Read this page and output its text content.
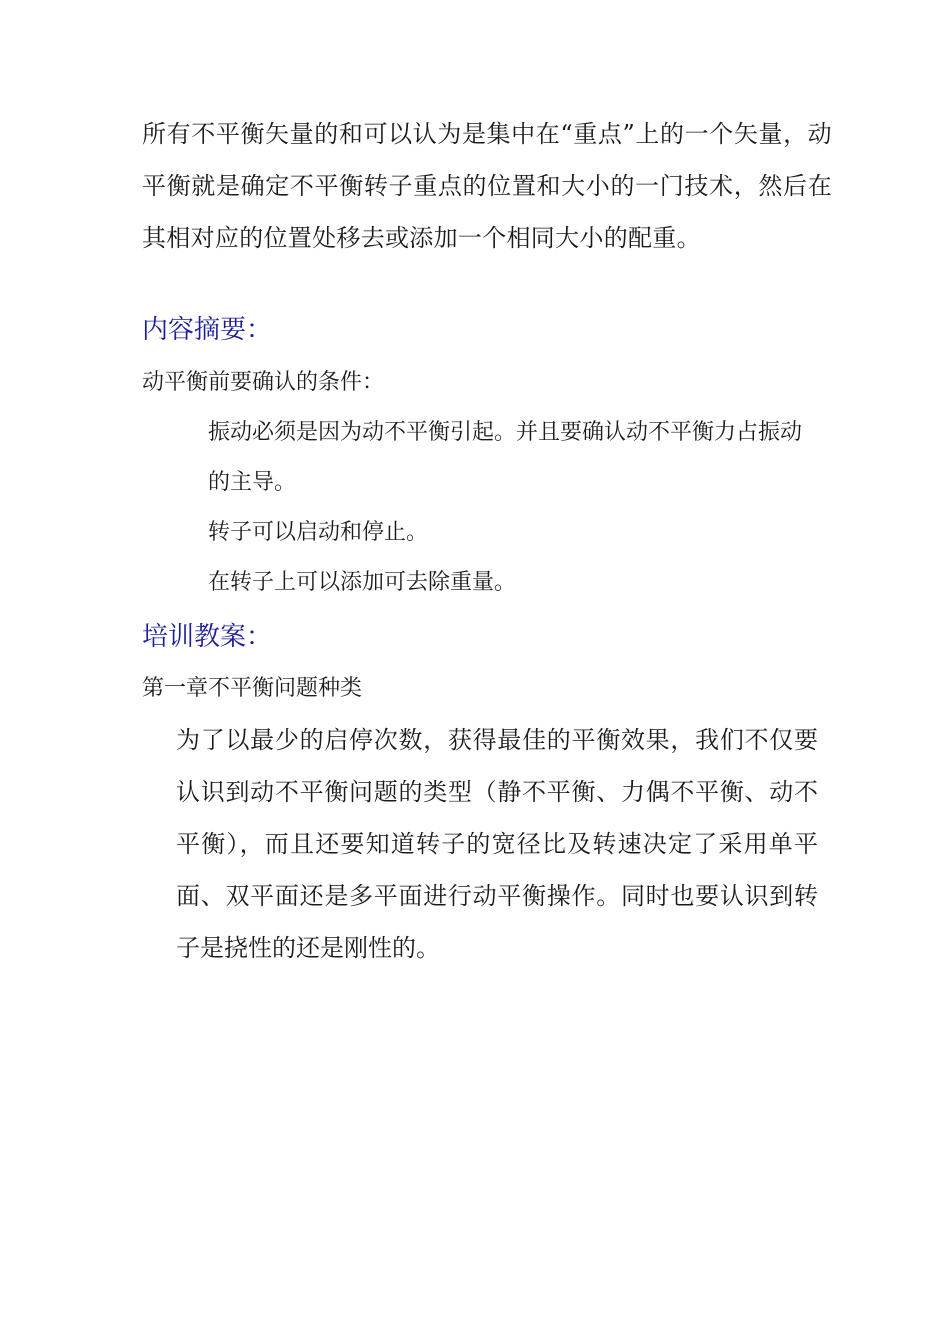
所有不平衡矢量的和可以认为是集中在“重点”上的一个矢量，动平衡就是确定不平衡转子重点的位置和大小的一门技术，然后在其相对应的位置处移去或添加一个相同大小的配重。

内容摘要：

动平衡前要确认的条件：

振动必须是因为动不平衡引起。并且要确认动不平衡力占振动的主导。
转子可以启动和停止。
在转子上可以添加可去除重量。
培训教案：

第一章不平衡问题种类

为了以最少的启停次数，获得最佳的平衡效果，我们不仅要认识到动不平衡问题的类型（静不平衡、力偶不平衡、动不平衡），而且还要知道转子的宽径比及转速决定了采用单平面、双平面还是多平面进行动平衡操作。同时也要认识到转子是挠性的还是刚性的。
